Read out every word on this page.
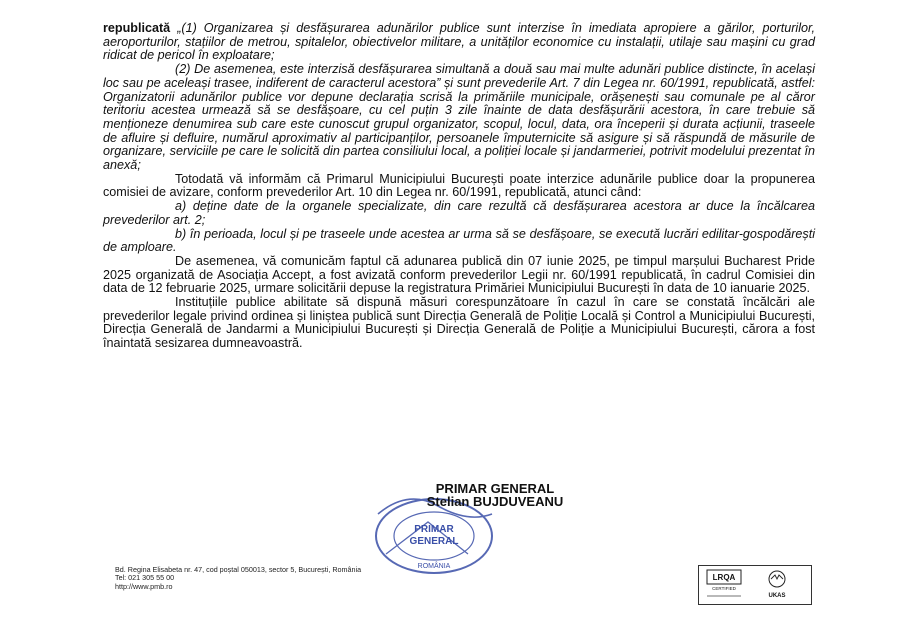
republicată „(1) Organizarea și desfășurarea adunărilor publice sunt interzise în imediata apropiere a gărilor, porturilor, aeroporturilor, stațiilor de metrou, spitalelor, obiectivelor militare, a unităților economice cu instalații, utilaje sau mașini cu grad ridicat de pericol în exploatare;

(2) De asemenea, este interzisă desfășurarea simultană a două sau mai multe adunări publice distincte, în același loc sau pe aceleași trasee, indiferent de caracterul acestora” și sunt prevederile Art. 7 din Legea nr. 60/1991, republicată, astfel: Organizatorii adunărilor publice vor depune declarația scrisă la primăriile municipale, orășenești sau comunale pe al căror teritoriu acestea urmează să se desfășoare, cu cel puțin 3 zile înainte de data desfășurării acestora, în care trebuie să menționeze denumirea sub care este cunoscut grupul organizator, scopul, locul, data, ora începerii și durata acțiunii, traseele de afluire și defluire, numărul aproximativ al participanților, persoanele împuternicite să asigure și să răspundă de măsurile de organizare, serviciile pe care le solicită din partea consiliului local, a poliției locale și jandarmeriei, potrivit modelului prezentat în anexă;

Totodată vă informăm că Primarul Municipiului București poate interzice adunările publice doar la propunerea comisiei de avizare, conform prevederilor Art. 10 din Legea nr. 60/1991, republicată, atunci când:

a) deține date de la organele specializate, din care rezultă că desfășurarea acestora ar duce la încălcarea prevederilor art. 2;

b) în perioada, locul și pe traseele unde acestea ar urma să se desfășoare, se execută lucrări edilitar-gospodărești de amploare.

De asemenea, vă comunicăm faptul că adunarea publică din 07 iunie 2025, pe timpul marșului Bucharest Pride 2025 organizată de Asociația Accept, a fost avizată conform prevederilor Legii nr. 60/1991 republicată, în cadrul Comisiei din data de 12 februarie 2025, urmare solicitării depuse la registratura Primăriei Municipiului București în data de 10 ianuarie 2025.

Instituțiile publice abilitate să dispună măsuri corespunzătoare în cazul în care se constată încălcări ale prevederilor legale privind ordinea și liniștea publică sunt Direcția Generală de Poliție Locală și Control a Municipiului București, Direcția Generală de Jandarmi a Municipiului București și Direcția Generală de Poliție a Municipiului București, cărora a fost înaintată sesizarea dumneavoastră.

PRIMAR
GENERAL
ROMÂNIA
PRIMAR GENERAL
Stelian BUJDUVEANU
Bd. Regina Elisabeta nr. 47, cod poștal 050013, sector 5, București, România
Tel: 021 305 55 00
http://www.pmb.ro
LRQA
CERTIFIED
UKAS
